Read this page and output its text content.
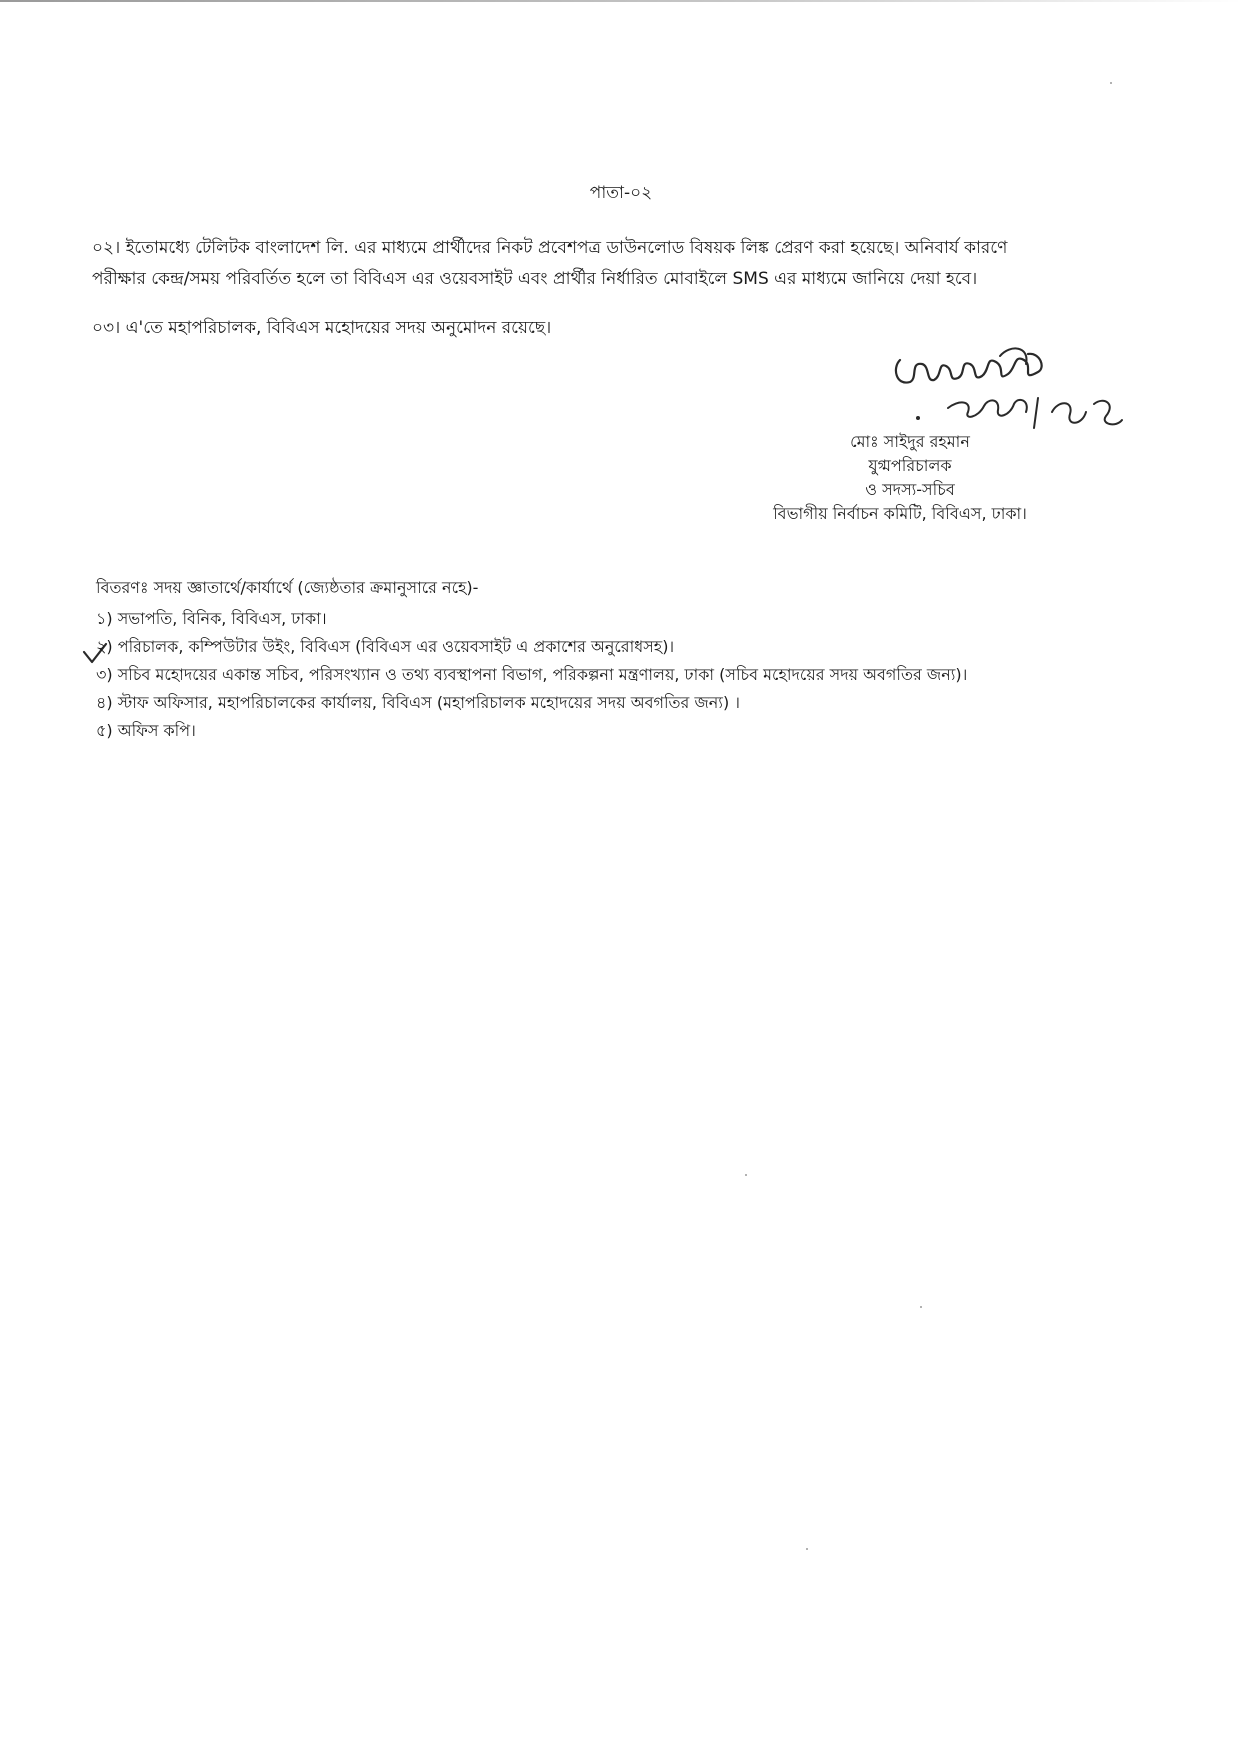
পাতা-০২
০২। ইতোমধ্যে টেলিটক বাংলাদেশ লি. এর মাধ্যমে প্রার্থীদের নিকট প্রবেশপত্র ডাউনলোড বিষয়ক লিঙ্ক প্রেরণ করা হয়েছে। অনিবার্য কারণে
পরীক্ষার কেন্দ্র/সময় পরিবর্তিত হলে তা বিবিএস এর ওয়েবসাইট এবং প্রার্থীর নির্ধারিত মোবাইলে SMS এর মাধ্যমে জানিয়ে দেয়া হবে।
০৩। এ'তে মহাপরিচালক, বিবিএস মহোদয়ের সদয় অনুমোদন রয়েছে।
মোঃ সাইদুর রহমান
যুগ্মপরিচালক
ও সদস্য-সচিব
বিভাগীয় নির্বাচন কমিটি, বিবিএস, ঢাকা।
বিতরণঃ সদয় জ্ঞাতার্থে/কার্যার্থে (জ্যেষ্ঠতার ক্রমানুসারে নহে)-
১) সভাপতি, বিনিক, বিবিএস, ঢাকা।
২) পরিচালক, কম্পিউটার উইং, বিবিএস (বিবিএস এর ওয়েবসাইট এ প্রকাশের অনুরোধসহ)।
৩) সচিব মহোদয়ের একান্ত সচিব, পরিসংখ্যান ও তথ্য ব্যবস্থাপনা বিভাগ, পরিকল্পনা মন্ত্রণালয়, ঢাকা (সচিব মহোদয়ের সদয় অবগতির জন্য)।
৪) স্টাফ অফিসার, মহাপরিচালকের কার্যালয়, বিবিএস (মহাপরিচালক মহোদয়ের সদয় অবগতির জন্য) ।
৫) অফিস কপি।
